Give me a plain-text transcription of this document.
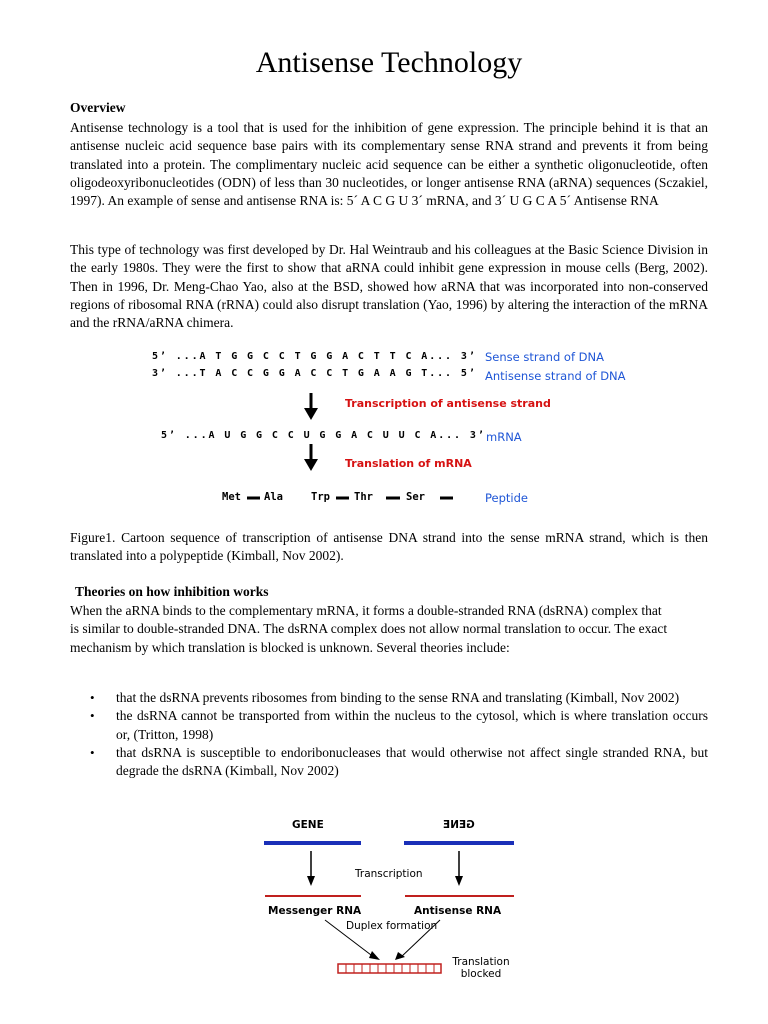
Antisense Technology
Overview

Antisense technology is a tool that is used for the inhibition of gene expression. The principle behind it is that an antisense nucleic acid sequence base pairs with its complementary sense RNA strand and prevents it from being translated into a protein. The complimentary nucleic acid sequence can be either a synthetic oligonucleotide, often oligodeoxyribonucleotides (ODN) of less than 30 nucleotides, or longer antisense RNA (aRNA) sequences (Sczakiel, 1997). An example of sense and antisense RNA is: 5´ A C G U 3´ mRNA, and 3´ U G C A 5´ Antisense RNA

This type of technology was first developed by Dr. Hal Weintraub and his colleagues at the Basic Science Division in the early 1980s. They were the first to show that aRNA could inhibit gene expression in mouse cells (Berg, 2002). Then in 1996, Dr. Meng-Chao Yao, also at the BSD, showed how aRNA that was incorporated into non-conserved regions of ribosomal RNA (rRNA) could also disrupt translation (Yao, 1996) by altering the interaction of the mRNA and the rRNA/aRNA chimera.

5’ ...A T G G C C T G G A C T T C A... 3’ Sense strand of DNA
3’ ...T A C C G G A C C T G A A G T... 5’ Antisense strand of DNA
Transcription of antisense strand
5’ ...A U G G C C U G G A C U U C A... 3’ mRNA
Translation of mRNA
Met Ala	Trp Thr	Ser	Peptide

Figure1. Cartoon sequence of transcription of antisense DNA strand into the sense mRNA strand, which is then translated into a polypeptide (Kimball, Nov 2002).

Theories on how inhibition works

When the aRNA binds to the complementary mRNA, it forms a double-stranded RNA (dsRNA) complex that is similar to double-stranded DNA. The dsRNA complex does not allow normal translation to occur. The exact mechanism by which translation is blocked is unknown. Several theories include:

• that the dsRNA prevents ribosomes from binding to the sense RNA and translating (Kimball, Nov 2002)
• the dsRNA cannot be transported from within the nucleus to the cytosol, which is where translation occurs or, (Tritton, 1998)
• that dsRNA is susceptible to endoribonucleases that would otherwise not affect single stranded RNA, but degrade the dsRNA (Kimball, Nov 2002)
GENE	GENE
Transcription
Messenger RNA	Antisense RNA
Duplex formation
Translation
blocked
